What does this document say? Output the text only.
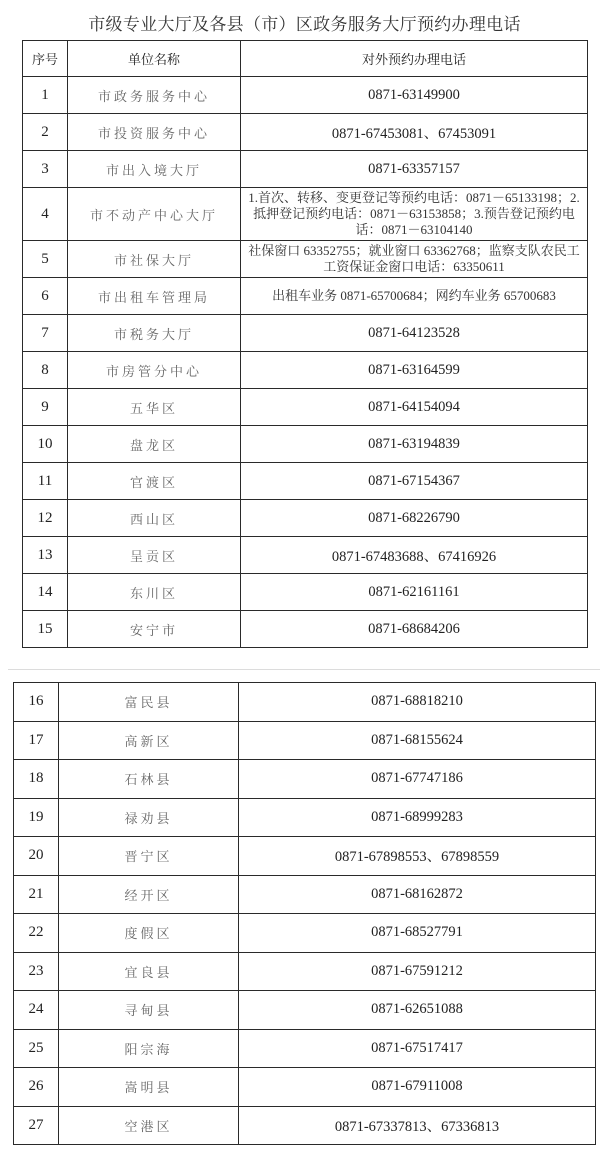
市级专业大厅及各县（市）区政务服务大厅预约办理电话
序号	单位名称	对外预约办理电话
1	市政务服务中心	0871-63149900
2	市投资服务中心	0871-67453081、67453091
3	市出入境大厅	0871-63357157
4	市不动产中心大厅	1.首次、转移、变更登记等预约电话：0871－65133198；2.抵押登记预约电话：0871－63153858；3.预告登记预约电话：0871－63104140
5	市社保大厅	社保窗口 63352755；就业窗口 63362768；监察支队农民工工资保证金窗口电话：63350611
6	市出租车管理局	出租车业务 0871-65700684；网约车业务 65700683
7	市税务大厅	0871-64123528
8	市房管分中心	0871-63164599
9	五华区	0871-64154094
10	盘龙区	0871-63194839
11	官渡区	0871-67154367
12	西山区	0871-68226790
13	呈贡区	0871-67483688、67416926
14	东川区	0871-62161161
15	安宁市	0871-68684206
16	富民县	0871-68818210
17	高新区	0871-68155624
18	石林县	0871-67747186
19	禄劝县	0871-68999283
20	晋宁区	0871-67898553、67898559
21	经开区	0871-68162872
22	度假区	0871-68527791
23	宜良县	0871-67591212
24	寻甸县	0871-62651088
25	阳宗海	0871-67517417
26	嵩明县	0871-67911008
27	空港区	0871-67337813、67336813
